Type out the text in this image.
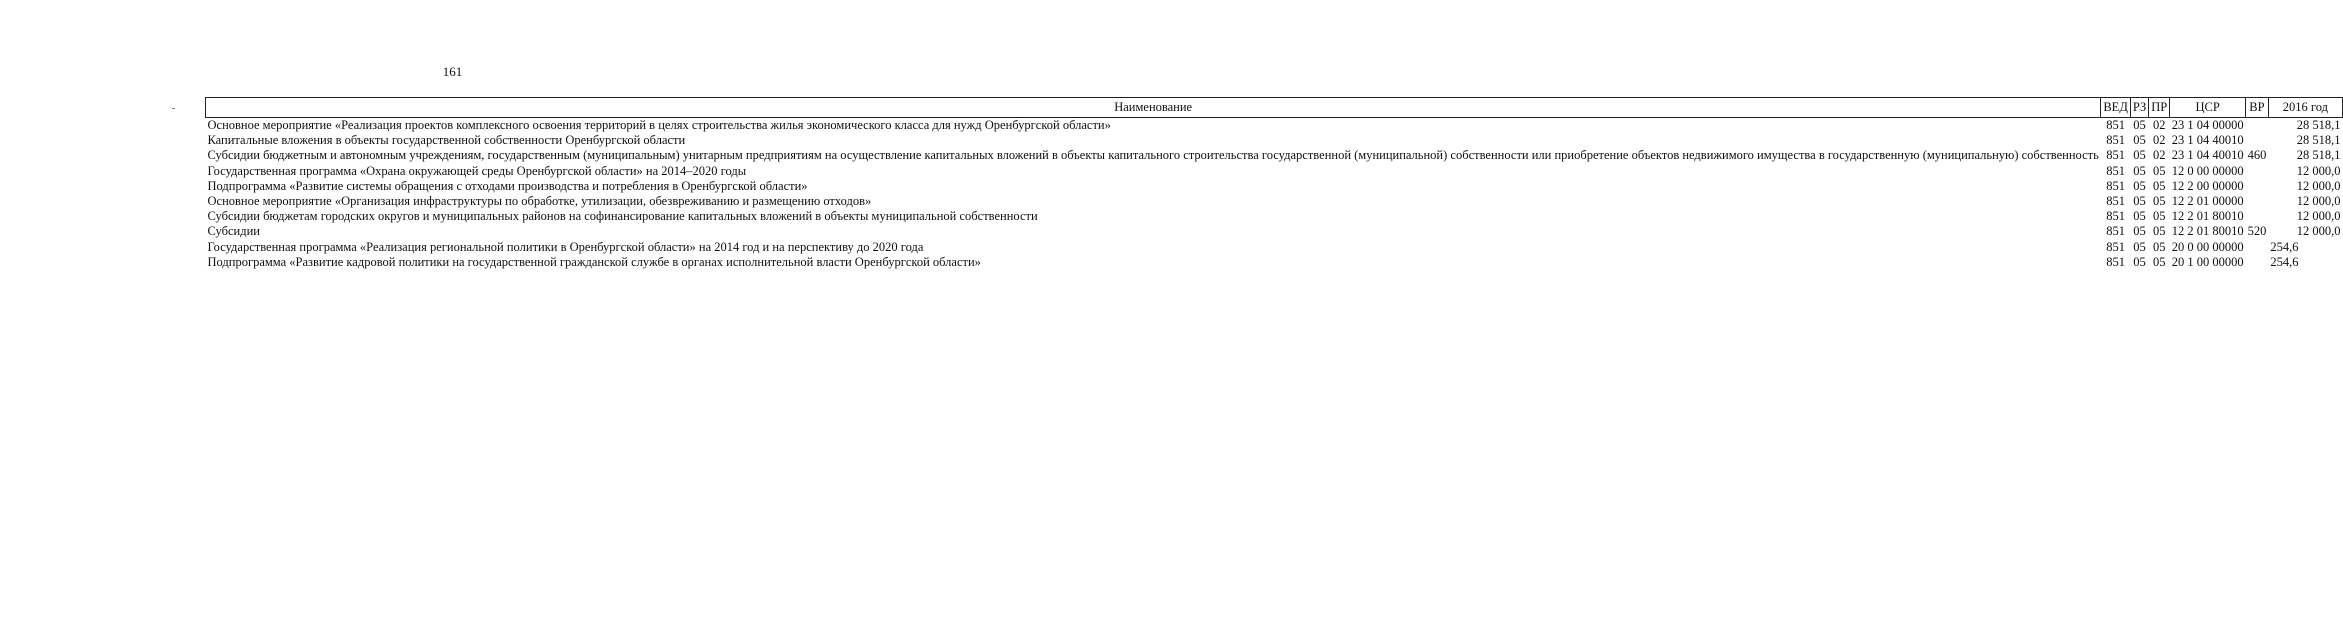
161
Наименование	ВЕД	РЗ	ПР	ЦСР	ВР	2016 год
Основное мероприятие «Реализация проектов комплексного освоения территорий в целях строительства жилья экономического класса для нужд Оренбургской области»	851	05	02	23 1 04 00000		28 518,1
Капитальные вложения в объекты государственной собственности Оренбургской области	851	05	02	23 1 04 40010		28 518,1
Субсидии бюджетным и автономным учреждениям, государственным (муниципальным) унитарным предприятиям на осуществление капитальных вложений в объекты капитального строительства государственной (муниципальной) собственности или приобретение объектов недвижимого имущества в государственную (муниципальную) собственность	851	05	02	23 1 04 40010	460	28 518,1
Государственная программа «Охрана окружающей среды Оренбургской области» на 2014–2020 годы	851	05	05	12 0 00 00000		12 000,0
Подпрограмма «Развитие системы обращения с отходами производства и потребления в Оренбургской области»	851	05	05	12 2 00 00000		12 000,0
Основное мероприятие «Организация инфраструктуры по обработке, утилизации, обезвреживанию и размещению отходов»	851	05	05	12 2 01 00000		12 000,0
Субсидии бюджетам городских округов и муниципальных районов на софинансирование капитальных вложений в объекты муниципальной собственности	851	05	05	12 2 01 80010		12 000,0
Субсидии	851	05	05	12 2 01 80010	520	12 000,0
Государственная программа «Реализация региональной политики в Оренбургской области» на 2014 год и на перспективу до 2020 года	851	05	05	20 0 00 00000		254,6
Подпрограмма «Развитие кадровой политики на государственной гражданской службе в органах исполнительной власти Оренбургской области»	851	05	05	20 1 00 00000		254,6
